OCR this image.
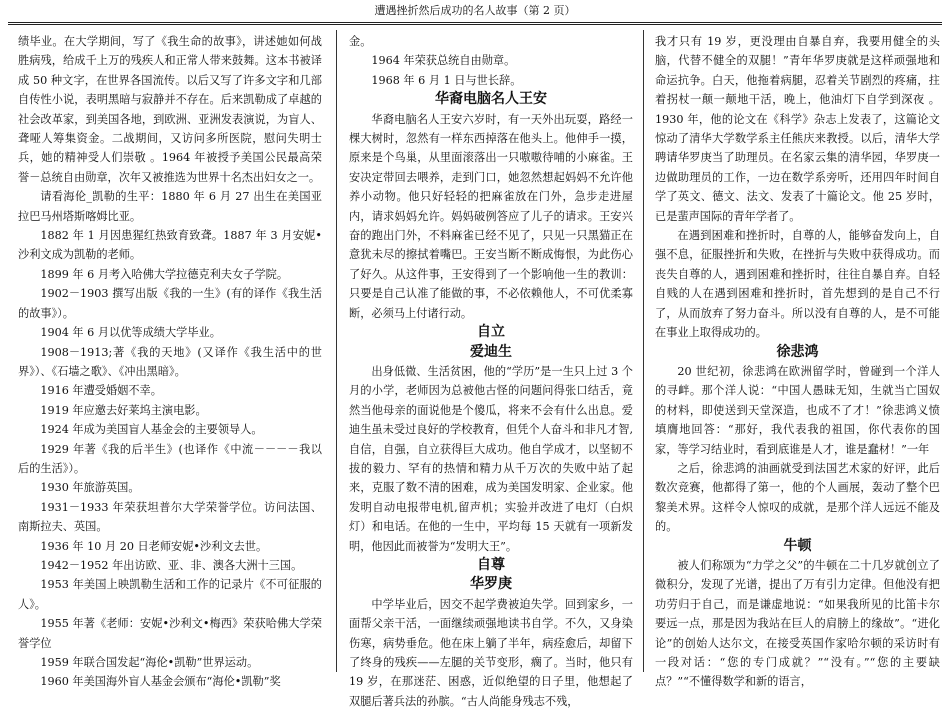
遭遇挫折然后成功的名人故事（第 2 页）

绩毕业。在大学期间，写了《我生命的故事》，讲述她如何战胜病残，给成千上万的残疾人和正常人带来鼓舞。这本书被译成 50 种文字，在世界各国流传。以后又写了许多文字和几部自传性小说，表明黑暗与寂静并不存在。后来凯勒成了卓越的社会改革家，到美国各地，到欧洲、亚洲发表演说，为盲人、聋哑人筹集资金。二战期间，又访问多所医院，慰问失明士兵，她的精神受人们崇敬 。1964 年被授予美国公民最高荣誉－总统自由勋章，次年又被推选为世界十名杰出妇女之一。

请看海伦_凯勒的生平：1880 年 6 月 27 出生在美国亚拉巴马州塔斯喀姆比亚。

1882 年 1 月因患猩红热致育致聋。1887 年 3 月安妮•沙利文成为凯勒的老师。

1899 年 6 月考入哈佛大学拉德克利夫女子学院。

1902－1903 撰写出版《我的一生》(有的译作《我生活的故事》）。

1904 年 6 月以优等成绩大学毕业。

1908－1913;著《我的天地》(又译作《我生活中的世界》）、《石墙之歌》、《冲出黑暗》。

1916 年遭受婚姻不幸。

1919 年应邀去好莱坞主演电影。

1924 年成为美国盲人基金会的主要领导人。

1929 年著《我的后半生》(也译作《中流－－－－我以后的生活》）。

1930 年旅游英国。

1931－1933 年荣获坦普尔大学荣誉学位。访问法国、南斯拉夫、英国。

1936 年 10 月 20 日老师安妮•沙利文去世。

1942－1952 年出访欧、亚、非、澳各大洲十三国。

1953 年美国上映凯勒生活和工作的记录片《不可征服的人》。

1955 年著《老师：安妮•沙利文•梅西》荣获哈佛大学荣誉学位

1959 年联合国发起“海伦•凯勒”世界运动。

1960 年美国海外盲人基金会颁布“海伦•凯勒”奖

金。

1964 年荣获总统自由勋章。

1968 年 6 月 1 日与世长辞。

华裔电脑名人王安

华裔电脑名人王安六岁时，有一天外出玩耍，路经一棵大树时，忽然有一样东西掉落在他头上。他伸手一摸，原来是个鸟巢，从里面滚落出一只嗷嗷待哺的小麻雀。王安决定带回去喂养，走到门口，她忽然想起妈妈不允许他养小动物。他只好轻轻的把麻雀放在门外，急步走进屋内，请求妈妈允许。妈妈破例答应了儿子的请求。王安兴奋的跑出门外，不料麻雀已经不见了，只见一只黑猫正在意犹未尽的擦拭着嘴巴。王安当断不断成悔恨，为此伤心了好久。从这件事，王安得到了一个影响他一生的教训：只要是自己认准了能做的事，不必依赖他人，不可优柔寡断，必须马上付诸行动。

自立
爱迪生

出身低微、生活贫困，他的“学历”是一生只上过 3 个月的小学，老师因为总被他古怪的问题问得张口结舌，竟然当他母亲的面说他是个傻瓜，将来不会有什么出息。爱迪生虽未受过良好的学校教育，但凭个人奋斗和非凡才智,自信，自强，自立获得巨大成功。他自学成才，以坚韧不拔的毅力、罕有的热情和精力从千万次的失败中站了起来，克服了数不清的困难，成为美国发明家、企业家。他发明自动电报带电机,留声机；实验并改进了电灯（白炽灯）和电话。在他的一生中，平均每 15 天就有一项新发明，他因此而被誉为“发明大王”。

自尊
华罗庚

中学毕业后，因交不起学费被迫失学。回到家乡，一面帮父亲干活，一面继续顽强地读书自学。不久，又身染伤寒，病势垂危。他在床上躺了半年，病痊愈后，却留下了终身的残疾——左腿的关节变形，瘸了。当时，他只有 19 岁，在那迷茫、困惑，近似绝望的日子里，他想起了双腿后著兵法的孙膑。“古人尚能身残志不残，

我才只有 19 岁，更没理由自暴自弃，我要用健全的头脑，代替不健全的双腿！”青年华罗庚就是这样顽强地和命运抗争。白天，他拖着病腿，忍着关节剧烈的疼痛，拄着拐杖一颠一颠地干活，晚上，他油灯下自学到深夜 。1930 年，他的论文在《科学》杂志上发表了，这篇论文惊动了清华大学数学系主任熊庆来教授。以后，清华大学聘请华罗庚当了助理员。在名家云集的清华园，华罗庚一边做助理员的工作，一边在数学系旁听，还用四年时间自学了英文、德文、法文、发表了十篇论文。他 25 岁时，已是蜚声国际的青年学者了。

在遇到困难和挫折时，自尊的人，能够奋发向上，自强不息，征服挫折和失败，在挫折与失败中获得成功。而丧失自尊的人，遇到困难和挫折时，往往自暴自弃。自轻自贱的人在遇到困难和挫折时，首先想到的是自己不行了，从而放弃了努力奋斗。所以没有自尊的人，是不可能在事业上取得成功的。

徐悲鸿

20 世纪初，徐悲鸿在欧洲留学时，曾碰到一个洋人的寻衅。那个洋人说：“中国人愚昧无知，生就当亡国奴的材料，即使送到天堂深造，也成不了才！”徐悲鸿义愤填膺地回答：“那好，我代表我的祖国，你代表你的国家，等学习结业时，看到底谁是人才，谁是蠢材！”一年

之后，徐悲鸿的油画就受到法国艺术家的好评，此后数次竞赛，他都得了第一，他的个人画展，轰动了整个巴黎美术界。这样令人惊叹的成就，是那个洋人远远不能及的。

牛顿

被人们称颂为“力学之父”的牛顿在二十几岁就创立了微积分，发现了光谱，提出了万有引力定律。但他没有把功劳归于自己，而是谦虚地说：“如果我所见的比笛卡尔要远一点，那是因为我站在巨人的肩膀上的缘故”。“进化论”的创始人达尔文，在接受英国作家哈尔顿的采访时有一段对话：“您的专门成就？”“没有。”“您的主要缺点？”“不懂得数学和新的语言，
